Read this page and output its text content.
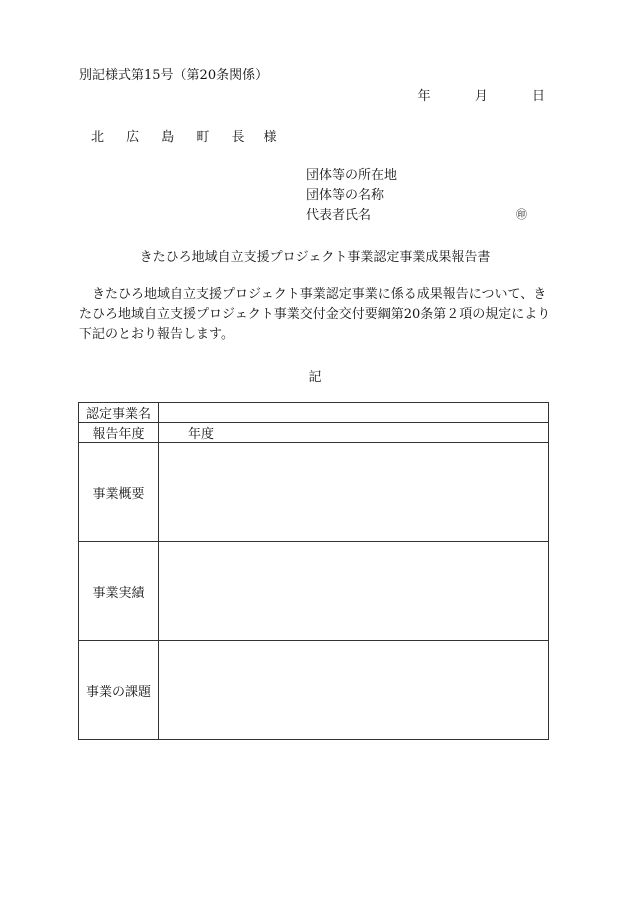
別記様式第15号（第20条関係）
年	月	日
北 広 島 町 長 様
団体等の所在地
団体等の名称
代表者氏名	㊞
きたひろ地域自立支援プロジェクト事業認定事業成果報告書
きたひろ地域自立支援プロジェクト事業認定事業に係る成果報告について、きたひろ地域自立支援プロジェクト事業交付金交付要綱第20条第２項の規定により下記のとおり報告します。
記
認定事業名	
報告年度	年度
事業概要	
事業実績	
事業の課題	
